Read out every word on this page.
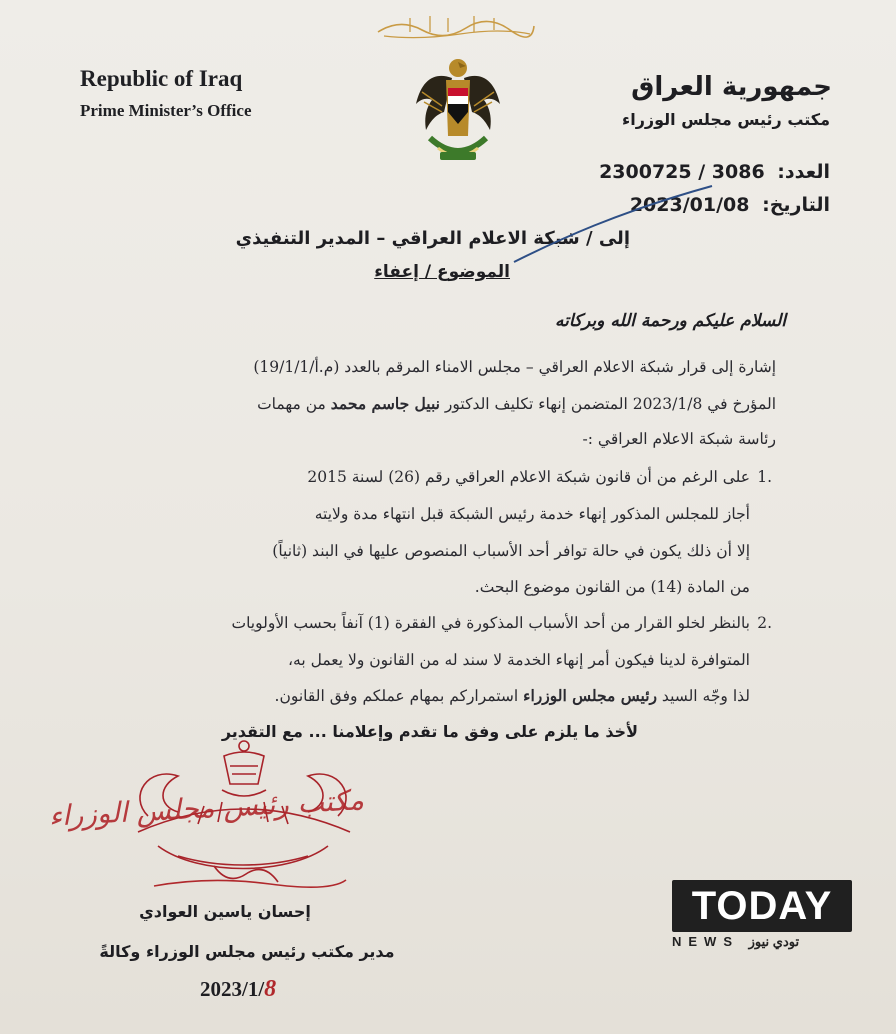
Republic of Iraq
Prime Minister’s Office
جمهورية العراق
مكتب رئيس مجلس الوزراء
العدد: 2300725 / 3086
التاريخ: 2023/01/08
إلى / شبكة الاعلام العراقي – المدير التنفيذي
الموضوع / إعفاء
السلام عليكم ورحمة الله وبركاته
إشارة إلى قرار شبكة الاعلام العراقي – مجلس الامناء المرقم بالعدد (م.أ/19/1/1)
المؤرخ في 2023/1/8 المتضمن إنهاء تكليف الدكتور نبيل جاسم محمد من مهمات
رئاسة شبكة الاعلام العراقي :-
.1
على الرغم من أن قانون شبكة الاعلام العراقي رقم (26) لسنة 2015
أجاز للمجلس المذكور إنهاء خدمة رئيس الشبكة قبل انتهاء مدة ولايته
إلا أن ذلك يكون في حالة توافر أحد الأسباب المنصوص عليها في البند (ثانياً)
من المادة (14) من القانون موضوع البحث.
.2
بالنظر لخلو القرار من أحد الأسباب المذكورة في الفقرة (1) آنفاً بحسب الأولويات
المتوافرة لدينا فيكون أمر إنهاء الخدمة لا سند له من القانون ولا يعمل به،
لذا وجّه السيد رئيس مجلس الوزراء استمراركم بمهام عملكم وفق القانون.
لأخذ ما يلزم على وفق ما تقدم وإعلامنا ... مع التقدير
مكتب رئيس مجلس الوزراء
إحسان ياسين العوادي
مدير مكتب رئيس مجلس الوزراء وكالةً
2023/1/8
TODAY
NEWS تودي نيوز
